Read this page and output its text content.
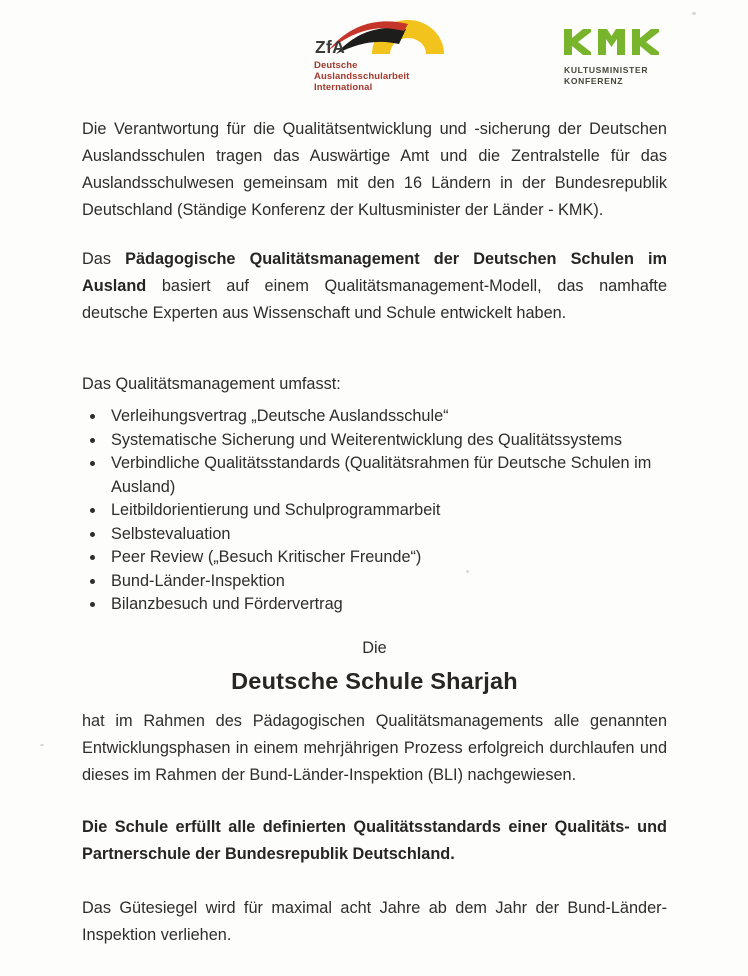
ZfA
Deutsche Auslandsschularbeit
International
KULTUSMINISTER
KONFERENZ

Die Verantwortung für die Qualitätsentwicklung und -sicherung der Deutschen Auslandsschulen tragen das Auswärtige Amt und die Zentralstelle für das Auslandsschulwesen gemeinsam mit den 16 Ländern in der Bundesrepublik Deutschland (Ständige Konferenz der Kultusminister der Länder - KMK).

Das Pädagogische Qualitätsmanagement der Deutschen Schulen im Ausland basiert auf einem Qualitätsmanagement-Modell, das namhafte deutsche Experten aus Wissenschaft und Schule entwickelt haben.

Das Qualitätsmanagement umfasst:

Verleihungsvertrag „Deutsche Auslandsschule“
Systematische Sicherung und Weiterentwicklung des Qualitätssystems
Verbindliche Qualitätsstandards (Qualitätsrahmen für Deutsche Schulen im Ausland)
Leitbildorientierung und Schulprogrammarbeit
Selbstevaluation
Peer Review („Besuch Kritischer Freunde“)
Bund-Länder-Inspektion
Bilanzbesuch und Fördervertrag

Die

Deutsche Schule Sharjah

hat im Rahmen des Pädagogischen Qualitätsmanagements alle genannten Entwicklungsphasen in einem mehrjährigen Prozess erfolgreich durchlaufen und dieses im Rahmen der Bund-Länder-Inspektion (BLI) nachgewiesen.

Die Schule erfüllt alle definierten Qualitätsstandards einer Qualitäts- und Partnerschule der Bundesrepublik Deutschland.

Das Gütesiegel wird für maximal acht Jahre ab dem Jahr der Bund-Länder-Inspektion verliehen.
